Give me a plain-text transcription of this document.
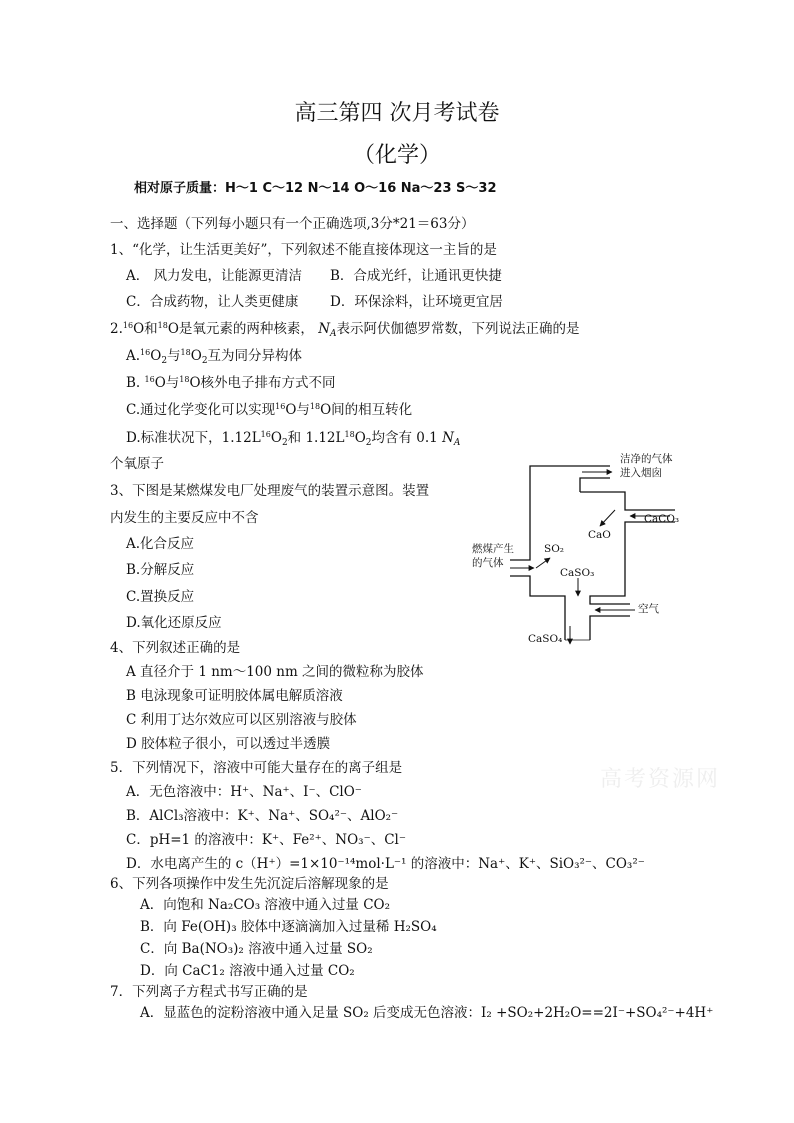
高三第四 次月考试卷
（化学）
相对原子质量：H～1 C～12 N～14 O～16 Na～23 S～32
一、选择题（下列每小题只有一个正确选项,3分*21＝63分）
1、“化学，让生活更美好”，下列叙述不能直接体现这一主旨的是
A． 风力发电，让能源更清洁 B．合成光纤，让通讯更快捷
C．合成药物，让人类更健康 D．环保涂料，让环境更宜居
2.16O和$^{18}$O是氧元素的两种核素， $N_A$表示阿伏伽德罗常数，下列说法正确的是
$A.^{16}O_2$与$^{18}O_2$互为同分异构体
B. $^{16}$O与$^{18}$O核外电子排布方式不同
C.通过化学变化可以实现$^{16}$O与$^{18}$O间的相互转化
D.标准状况下，$1.12L^{16}O_2$和 $1.12L^{18}O_2$均含有 0.1 $N_A$
个氧原子
3、下图是某燃煤发电厂处理废气的装置示意图。装置
内发生的主要反应中不含
A.化合反应
B.分解反应
C.置换反应
D.氧化还原反应
洁净的气体
进入烟囱
CaCO₃
CaO
燃煤产生
的气体
SO₂
CaSO₃
空气
CaSO₄
4、下列叙述正确的是
A 直径介于 1 nm～100 nm 之间的微粒称为胶体
B 电泳现象可证明胶体属电解质溶液
C 利用丁达尔效应可以区别溶液与胶体
D 胶体粒子很小，可以透过半透膜
5．下列情况下，溶液中可能大量存在的离子组是
A．无色溶液中：H⁺、Na⁺、I⁻、ClO⁻
B．AlCl₃溶液中：K⁺、Na⁺、SO₄²⁻、AlO₂⁻
C．pH=1 的溶液中：K⁺、Fe²⁺、NO₃⁻、Cl⁻
D．水电离产生的 c（H⁺）=1×10⁻¹⁴mol·L⁻¹ 的溶液中：Na⁺、K⁺、SiO₃²⁻、CO₃²⁻
6、下列各项操作中发生先沉淀后溶解现象的是
A．向饱和 Na₂CO₃ 溶液中通入过量 CO₂
B．向 Fe(OH)₃ 胶体中逐滴滴加入过量稀 H₂SO₄
C．向 Ba(NO₃)₂ 溶液中通入过量 SO₂
D．向 CaC1₂ 溶液中通入过量 CO₂
7．下列离子方程式书写正确的是
A．显蓝色的淀粉溶液中通入足量 SO₂ 后变成无色溶液：I₂ +SO₂+2H₂O==2I⁻+SO₄²⁻+4H⁺
高考资源网
